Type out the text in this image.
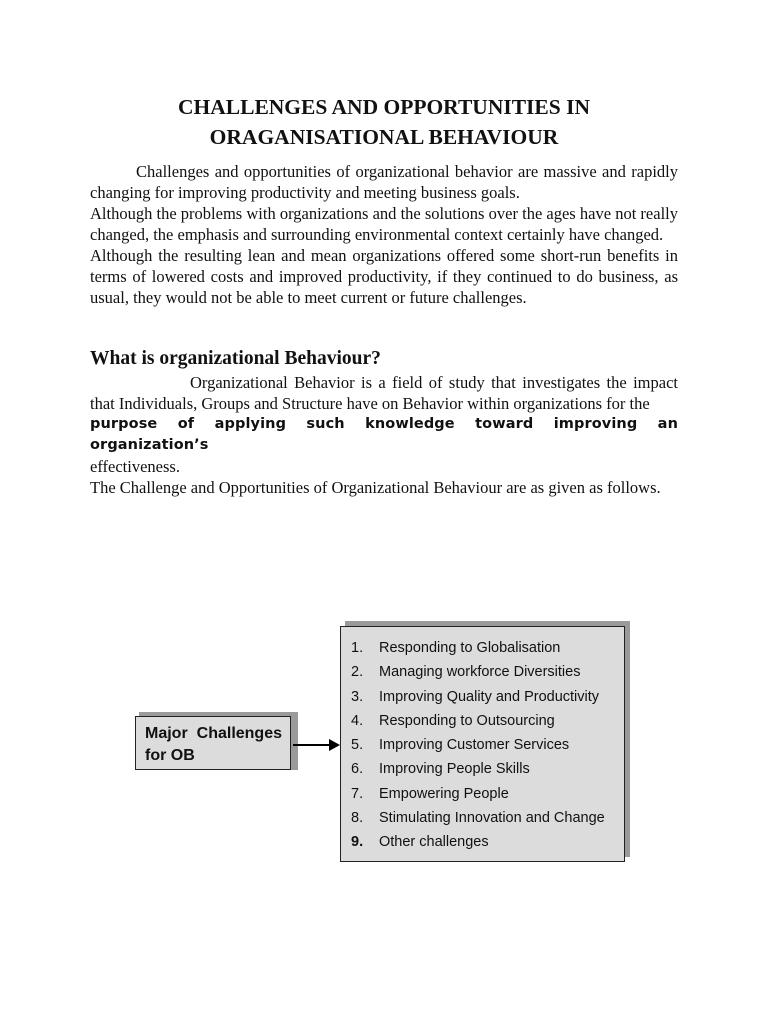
CHALLENGES AND OPPORTUNITIES IN
ORAGANISATIONAL BEHAVIOUR

Challenges and opportunities of organizational behavior are massive and rapidly changing for improving productivity and meeting business goals.

Although the problems with organizations and the solutions over the ages have not really changed, the emphasis and surrounding environmental context certainly have changed.

Although the resulting lean and mean organizations offered some short-run benefits in terms of lowered costs and improved productivity, if they continued to do business, as usual, they would not be able to meet current or future challenges.

What is organizational Behaviour?

Organizational Behavior is a field of study that investigates the impact that Individuals, Groups and Structure have on Behavior within organizations for the

purpose of applying such knowledge toward improving an organization’s

effectiveness.

The Challenge and Opportunities of Organizational Behaviour are as given as follows.

Major Challenges
for OB
1.	Responding to Globalisation
2.	Managing workforce Diversities
3.	Improving Quality and Productivity
4.	Responding to Outsourcing
5.	Improving Customer Services
6.	Improving People Skills
7.	Empowering People
8.	Stimulating Innovation and Change
9.	Other challenges
